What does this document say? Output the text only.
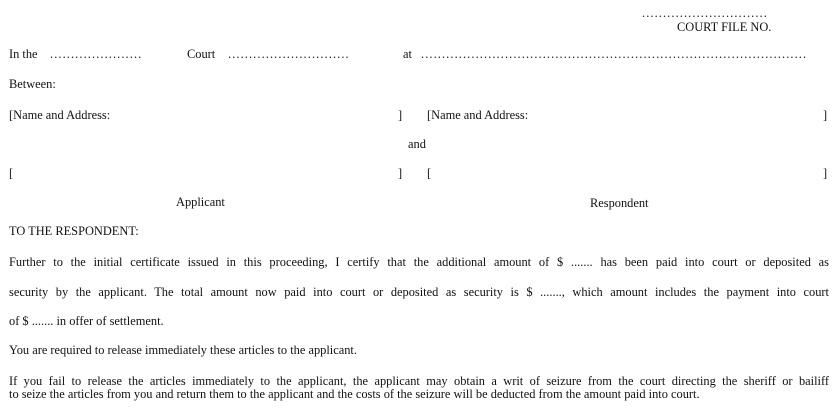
..............................
COURT FILE NO.
In the ......................	Court .............................	at ............................................................................................
Between:
[Name and Address:	] [Name and Address:	]
and
[	] [	]
Applicant	Respondent
TO THE RESPONDENT:
Further to the initial certificate issued in this proceeding, I certify that the additional amount of $ ....... has been paid into court or deposited as
security by the applicant. The total amount now paid into court or deposited as security is $ ......., which amount includes the payment into court
of $ ....... in offer of settlement.
You are required to release immediately these articles to the applicant.
If you fail to release the articles immediately to the applicant, the applicant may obtain a writ of seizure from the court directing the sheriff or bailiff
to seize the articles from you and return them to the applicant and the costs of the seizure will be deducted from the amount paid into court.
